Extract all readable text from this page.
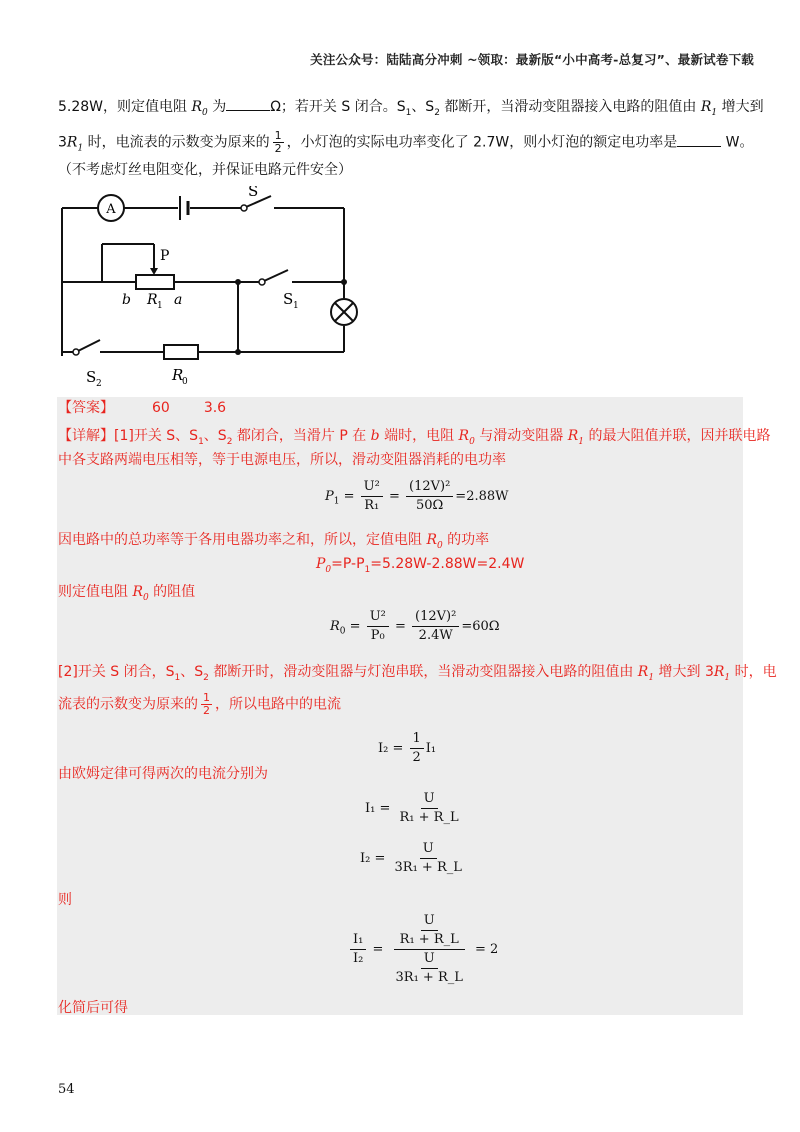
关注公众号：陆陆高分冲刺 ~领取：最新版“小中高考-总复习”、最新试卷下载
5.28W，则定值电阻 $R_0$ 为	Ω；若开关 S 闭合。$S_1$、$S_2$ 都断开，当滑动变阻器接入电路的阻值由 $R_1$ 增大到
$3R_1$ 时，电流表的示数变为原来的 $\frac{1}{2}$ ，小灯泡的实际电功率变化了 2.7W，则小灯泡的额定电功率是	W。
（不考虑灯丝电阻变化，并保证电路元件安全）
A
S
P
b R 1 a	S 1
S 2	R
0
【答案】	60 3.6
【详解】[1]开关 S、$S_1$、$S_2$ 都闭合，当滑片 P 在 b 端时，电阻 $R_0$ 与滑动变阻器 $R_1$ 的最大阻值并联，因并联电路
中各支路两端电压相等，等于电源电压，所以，滑动变阻器消耗的电功率
$P_1 = \frac{\text{U²}}{\text{R₁}} = \frac{\text{(12V)²}}{50\Omega} =2.88W$
因电路中的总功率等于各用电器功率之和，所以，定值电阻 $R_0$ 的功率
$P_0=P-P_1=5.28W-2.88W=2.4W$
则定值电阻 $R_0$ 的阻值
$R_0 = \frac{\text{U²}}{\text{P₀}} = \frac{\text{(12V)²}}{2.4W} =60\Omega$
[2]开关 S 闭合，$S_1$、$S_2$ 都断开时，滑动变阻器与灯泡串联，当滑动变阻器接入电路的阻值由 $R_1$ 增大到 $3R_1$ 时，电
流表的示数变为原来的 $\frac{1}{2}$ ，所以电路中的电流
$I_2 = \frac{1}{2} I_1$
由欧姆定律可得两次的电流分别为
$I_1 = \frac{U}{\text{R₁ + R\_L}}$
$I_2 = \frac{U}{\text{3R₁ + R\_L}}$
则
$\frac{\text{I₁}}{\text{I₂}} = \frac{\frac{U}{\text{R₁ + R\_L}}}{\frac{U}{\text{3R₁ + R\_L}}} = 2$
化简后可得
54
